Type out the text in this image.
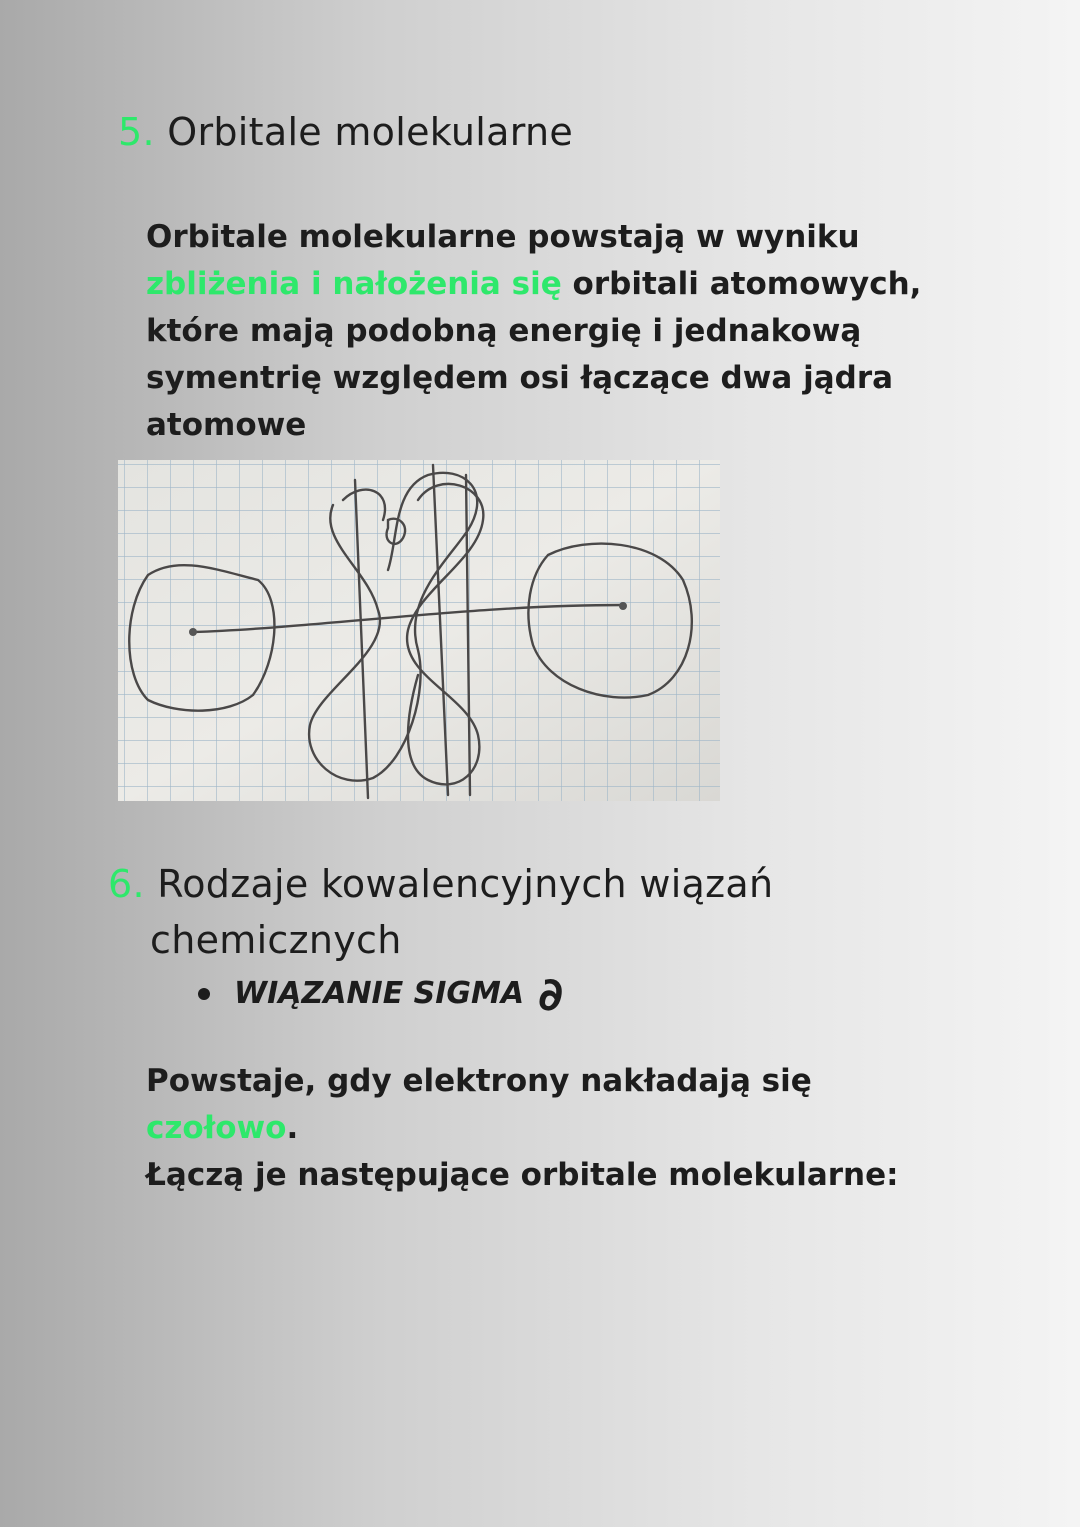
5. Orbitale molekularne

Orbitale molekularne powstają w wyniku zbliżenia i nałożenia się orbitali atomowych, które mają podobną energię i jednakową symentrię względem osi łączące dwa jądra atomowe

6. Rodzaje kowalencyjnych wiązań
chemicznych
WIĄZANIE SIGMA ∂

Powstaje, gdy elektrony nakładają się czołowo.
Łączą je następujące orbitale molekularne:
